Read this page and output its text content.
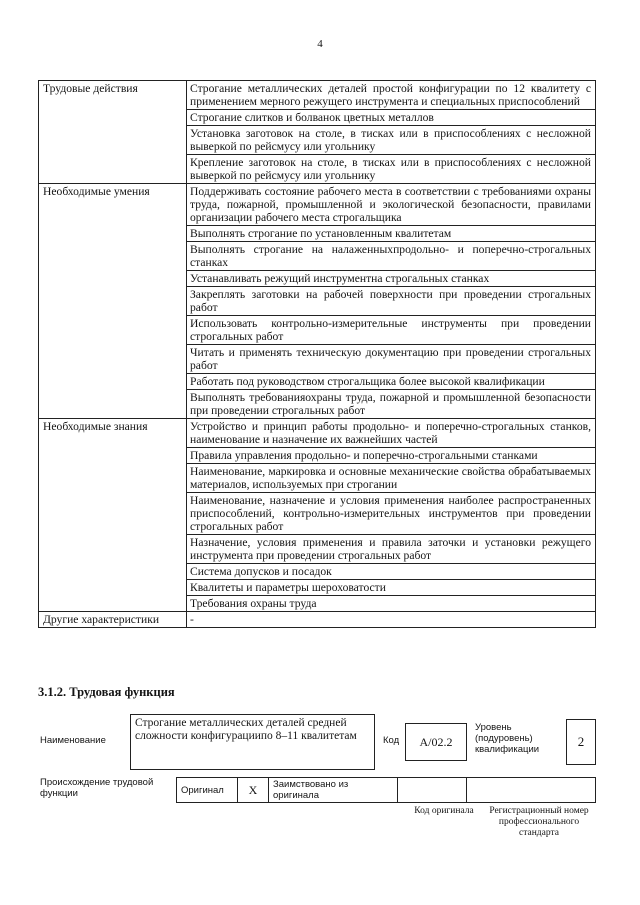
4
Трудовые действия	Строгание металлических деталей простой конфигурации по 12 квалитету с применением мерного режущего инструмента и специальных приспособлений
	Строгание слитков и болванок цветных металлов
	Установка заготовок на столе, в тисках или в приспособлениях с несложной выверкой по рейсмусу или угольнику
	Крепление заготовок на столе, в тисках или в приспособлениях с несложной выверкой по рейсмусу или угольнику
Необходимые умения	Поддерживать состояние рабочего места в соответствии с требованиями охраны труда, пожарной, промышленной и экологической безопасности, правилами организации рабочего места строгальщика
	Выполнять строгание по установленным квалитетам
	Выполнять строгание на налаженныхпродольно- и поперечно-строгальных станках
	Устанавливать режущий инструментна строгальных станках
	Закреплять заготовки на рабочей поверхности при проведении строгальных работ
	Использовать контрольно-измерительные инструменты при проведении строгальных работ
	Читать и применять техническую документацию при проведении строгальных работ
	Работать под руководством строгальщика более высокой квалификации
	Выполнять требованияохраны труда, пожарной и промышленной безопасности при проведении строгальных работ
Необходимые знания	Устройство и принцип работы продольно- и поперечно-строгальных станков, наименование и назначение их важнейших частей
	Правила управления продольно- и поперечно-строгальными станками
	Наименование, маркировка и основные механические свойства обрабатываемых материалов, используемых при строгании
	Наименование, назначение и условия применения наиболее распространенных приспособлений, контрольно-измерительных инструментов при проведении строгальных работ
	Назначение, условия применения и правила заточки и установки режущего инструмента при проведении строгальных работ
	Система допусков и посадок
	Квалитеты и параметры шероховатости
	Требования охраны труда
Другие характеристики	-
3.1.2. Трудовая функция
Наименование
Строгание металлических деталей средней сложности конфигурациипо 8–11 квалитетам	Код	А/02.2
Уровень (подуровень) квалификации
2
Происхождение трудовой функции	Оригинал	X	Заимствовано из оригинала		
Код оригинала	Регистрационный номер профессионального стандарта
